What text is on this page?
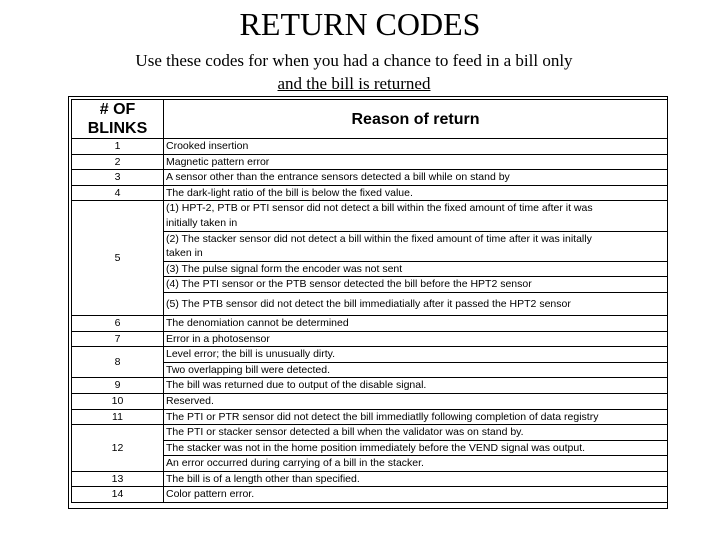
RETURN CODES
Use these codes for when you had a chance to feed in a bill only
and the bill is returned
# OF
BLINKS	Reason of return
1	Crooked insertion
2	Magnetic pattern error
3	A sensor other than the entrance sensors detected a bill while on stand by
4	The dark-light ratio of the bill is below the fixed value.
5	(1) HPT-2, PTB or PTI sensor did not detect a bill within the fixed amount of time after it was
	initially taken in
	(2) The stacker sensor did not detect a bill within the fixed amount of time after it was initally
	taken in
	(3) The pulse signal form the encoder was not sent
	(4) The PTI sensor or the PTB sensor detected the bill before the HPT2 sensor
	(5) The PTB sensor did not detect the bill immediatially after it passed the HPT2 sensor
6	The denomiation cannot be determined
7	Error in a photosensor
8	Level error; the bill is unusually dirty.
	Two overlapping bill were detected.
9	The bill was returned due to output of the disable signal.
10	Reserved.
11	The PTI or PTR sensor did not detect the bill immediatlly following completion of data registry
12	The PTI or stacker sensor detected a bill when the validator was on stand by.
	The stacker was not in the home position immediately before the VEND signal was output.
	An error occurred during carrying of a bill in the stacker.
13	The bill is of a length other than specified.
14	Color pattern error.
